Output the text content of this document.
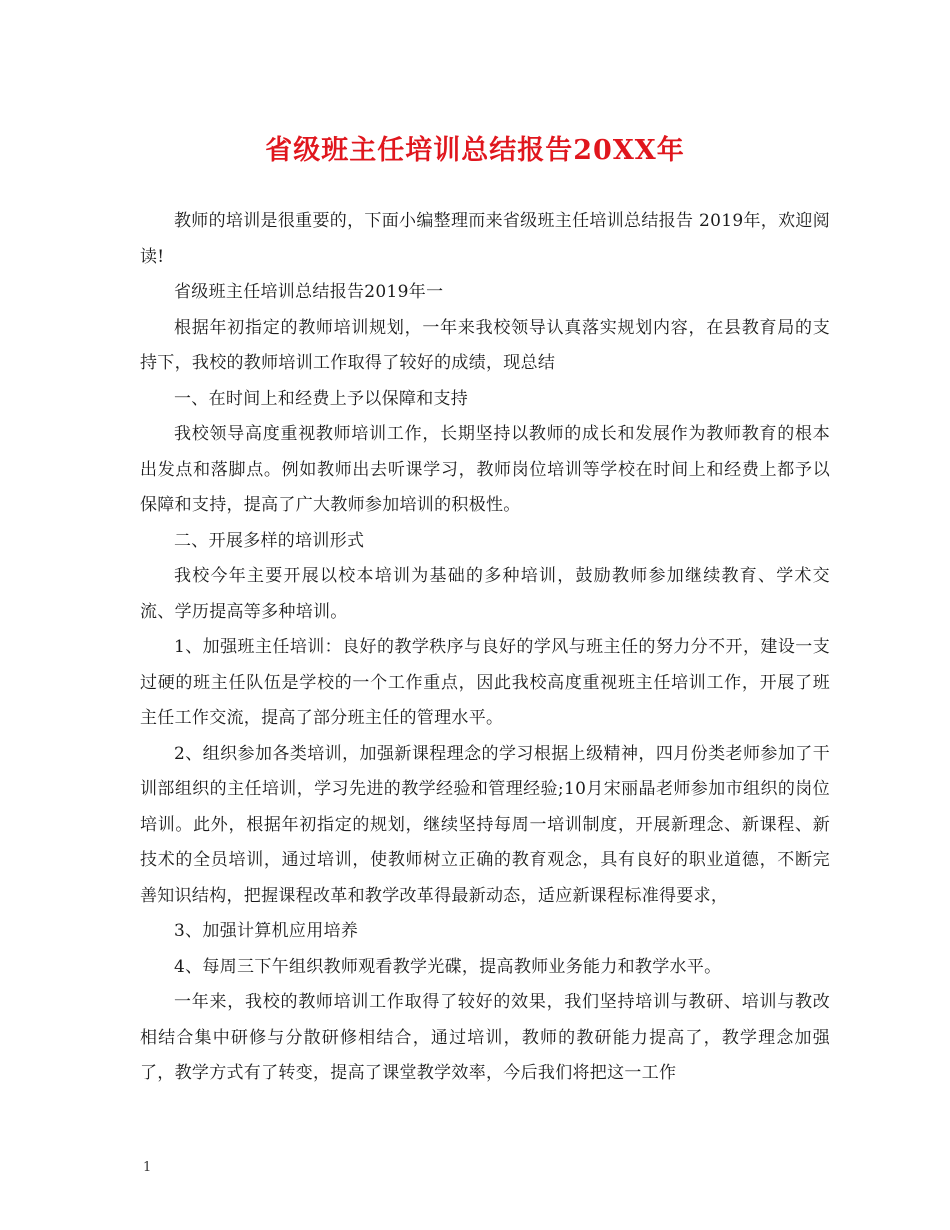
省级班主任培训总结报告20XX年

教师的培训是很重要的，下面小编整理而来省级班主任培训总结报告 2019年，欢迎阅读!

省级班主任培训总结报告2019年一

根据年初指定的教师培训规划，一年来我校领导认真落实规划内容，在县教育局的支持下，我校的教师培训工作取得了较好的成绩，现总结

一、在时间上和经费上予以保障和支持

我校领导高度重视教师培训工作，长期坚持以教师的成长和发展作为教师教育的根本出发点和落脚点。例如教师出去听课学习，教师岗位培训等学校在时间上和经费上都予以保障和支持，提高了广大教师参加培训的积极性。

二、开展多样的培训形式

我校今年主要开展以校本培训为基础的多种培训，鼓励教师参加继续教育、学术交流、学历提高等多种培训。

1、加强班主任培训：良好的教学秩序与良好的学风与班主任的努力分不开，建设一支过硬的班主任队伍是学校的一个工作重点，因此我校高度重视班主任培训工作，开展了班主任工作交流，提高了部分班主任的管理水平。

2、组织参加各类培训，加强新课程理念的学习根据上级精神，四月份类老师参加了干训部组织的主任培训，学习先进的教学经验和管理经验;10月宋丽晶老师参加市组织的岗位培训。此外，根据年初指定的规划，继续坚持每周一培训制度，开展新理念、新课程、新技术的全员培训，通过培训，使教师树立正确的教育观念，具有良好的职业道德，不断完善知识结构，把握课程改革和教学改革得最新动态，适应新课程标准得要求，

3、加强计算机应用培养

4、每周三下午组织教师观看教学光碟，提高教师业务能力和教学水平。

一年来，我校的教师培训工作取得了较好的效果，我们坚持培训与教研、培训与教改相结合集中研修与分散研修相结合，通过培训，教师的教研能力提高了，教学理念加强了，教学方式有了转变，提高了课堂教学效率，今后我们将把这一工作

1
